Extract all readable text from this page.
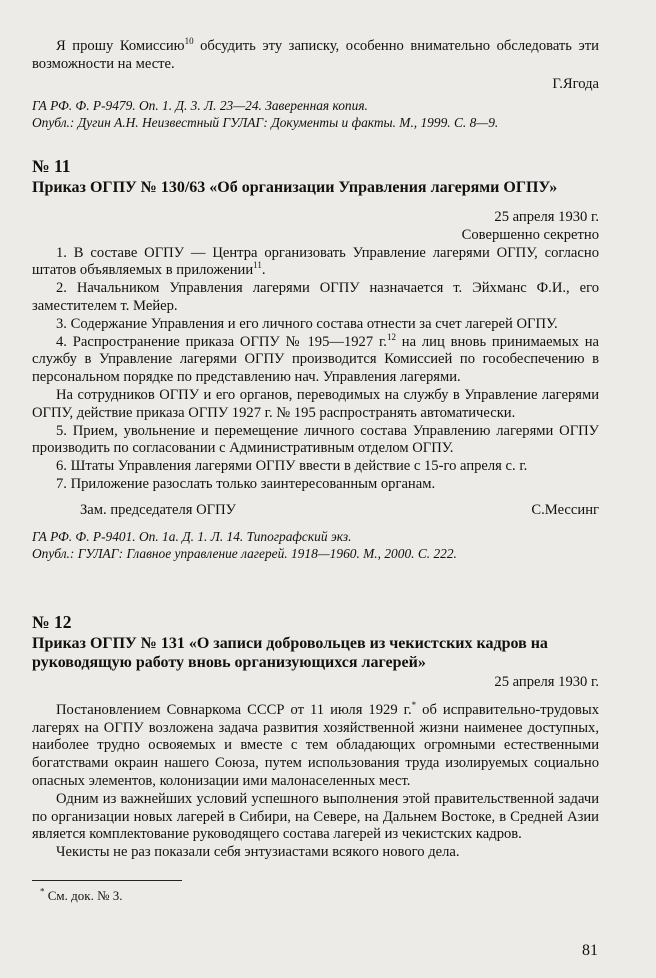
Я прошу Комиссию$^{10}$ обсудить эту записку, особенно внимательно обследовать эти возможности на месте.

Г.Ягода

ГА РФ. Ф. Р-9479. Оп. 1. Д. 3. Л. 23—24. Заверенная копия.

Опубл.: Дугин А.Н. Неизвестный ГУЛАГ: Документы и факты. М., 1999. С. 8—9.

№ 11

Приказ ОГПУ № 130/63 «Об организации Управления лагерями ОГПУ»

25 апреля 1930 г.

Совершенно секретно

1. В составе ОГПУ — Центра организовать Управление лагерями ОГПУ, согласно штатов объявляемых в приложении$^{11}$.

2. Начальником Управления лагерями ОГПУ назначается т. Эйхманс Ф.И., его заместителем т. Мейер.

3. Содержание Управления и его личного состава отнести за счет лагерей ОГПУ.

4. Распространение приказа ОГПУ № 195—1927 г.$^{12}$ на лиц вновь принимаемых на службу в Управление лагерями ОГПУ производится Комиссией по гособеспечению в персональном порядке по представлению нач. Управления лагерями.

На сотрудников ОГПУ и его органов, переводимых на службу в Управление лагерями ОГПУ, действие приказа ОГПУ 1927 г. № 195 распространять автоматически.

5. Прием, увольнение и перемещение личного состава Управлению лагерями ОГПУ производить по согласовании с Административным отделом ОГПУ.

6. Штаты Управления лагерями ОГПУ ввести в действие с 15-го апреля с. г.

7. Приложение разослать только заинтересованным органам.

Зам. председателя ОГПУ	С.Мессинг

ГА РФ. Ф. Р-9401. Оп. 1а. Д. 1. Л. 14. Типографский экз.

Опубл.: ГУЛАГ: Главное управление лагерей. 1918—1960. М., 2000. С. 222.

№ 12

Приказ ОГПУ № 131 «О записи добровольцев из чекистских кадров на руководящую работу вновь организующихся лагерей»

25 апреля 1930 г.

Постановлением Совнаркома СССР от 11 июля 1929 г.* об исправительно-трудовых лагерях на ОГПУ возложена задача развития хозяйственной жизни наименее доступных, наиболее трудно освояемых и вместе с тем обладающих огромными естественными богатствами окраин нашего Союза, путем использования труда изолируемых социально опасных элементов, колонизации ими малонаселенных мест.

Одним из важнейших условий успешного выполнения этой правительственной задачи по организации новых лагерей в Сибири, на Севере, на Дальнем Востоке, в Средней Азии является комплектование руководящего состава лагерей из чекистских кадров.

Чекисты не раз показали себя энтузиастами всякого нового дела.

* См. док. № 3.
81
